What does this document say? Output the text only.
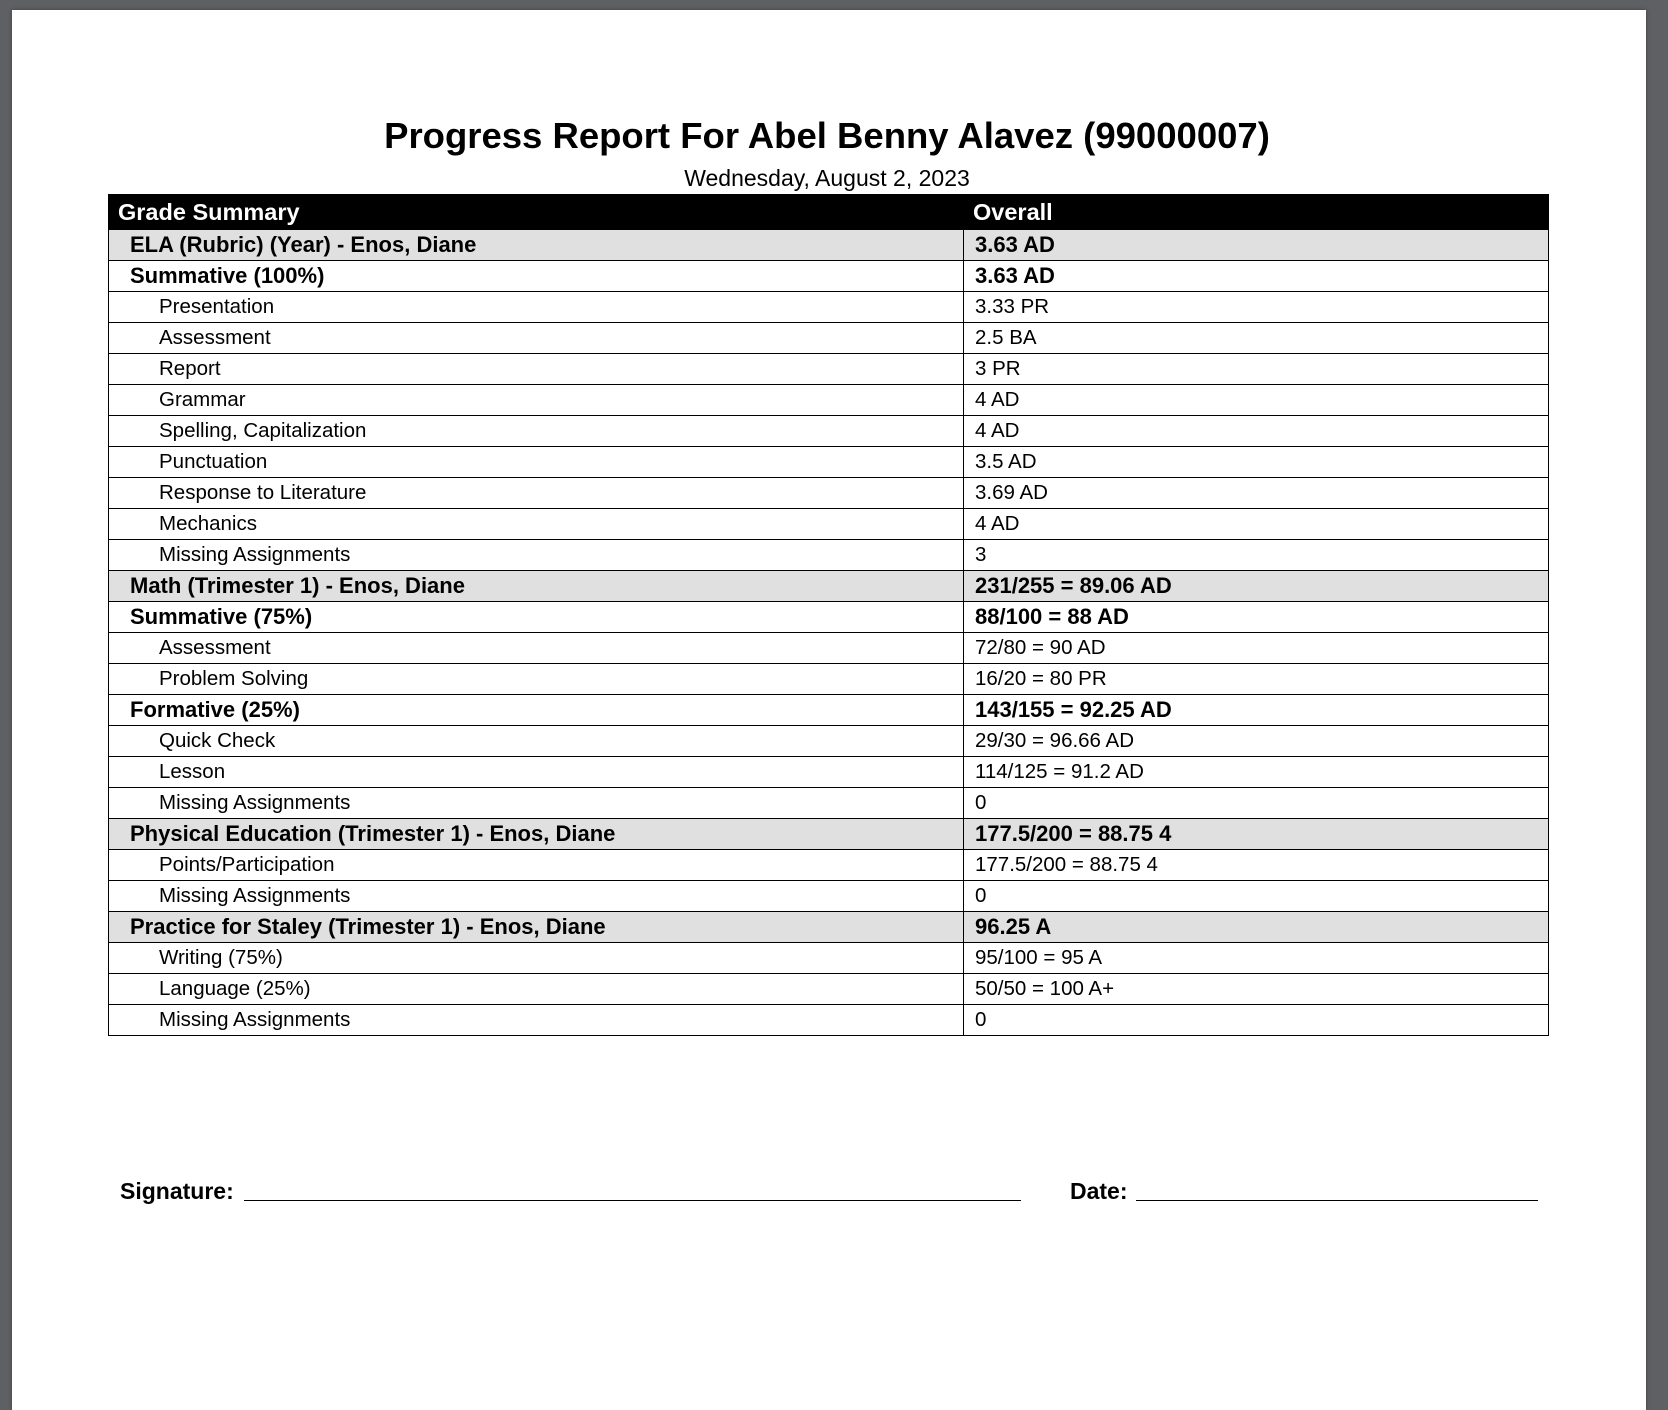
Progress Report For Abel Benny Alavez (99000007)
Wednesday, August 2, 2023
Grade Summary	Overall
ELA (Rubric) (Year) - Enos, Diane	3.63 AD
Summative (100%)	3.63 AD
Presentation	3.33 PR
Assessment	2.5 BA
Report	3 PR
Grammar	4 AD
Spelling, Capitalization	4 AD
Punctuation	3.5 AD
Response to Literature	3.69 AD
Mechanics	4 AD
Missing Assignments	3
Math (Trimester 1) - Enos, Diane	231/255 = 89.06 AD
Summative (75%)	88/100 = 88 AD
Assessment	72/80 = 90 AD
Problem Solving	16/20 = 80 PR
Formative (25%)	143/155 = 92.25 AD
Quick Check	29/30 = 96.66 AD
Lesson	114/125 = 91.2 AD
Missing Assignments	0
Physical Education (Trimester 1) - Enos, Diane	177.5/200 = 88.75 4
Points/Participation	177.5/200 = 88.75 4
Missing Assignments	0
Practice for Staley (Trimester 1) - Enos, Diane	96.25 A
Writing (75%)	95/100 = 95 A
Language (25%)	50/50 = 100 A+
Missing Assignments	0
Signature:	Date:
